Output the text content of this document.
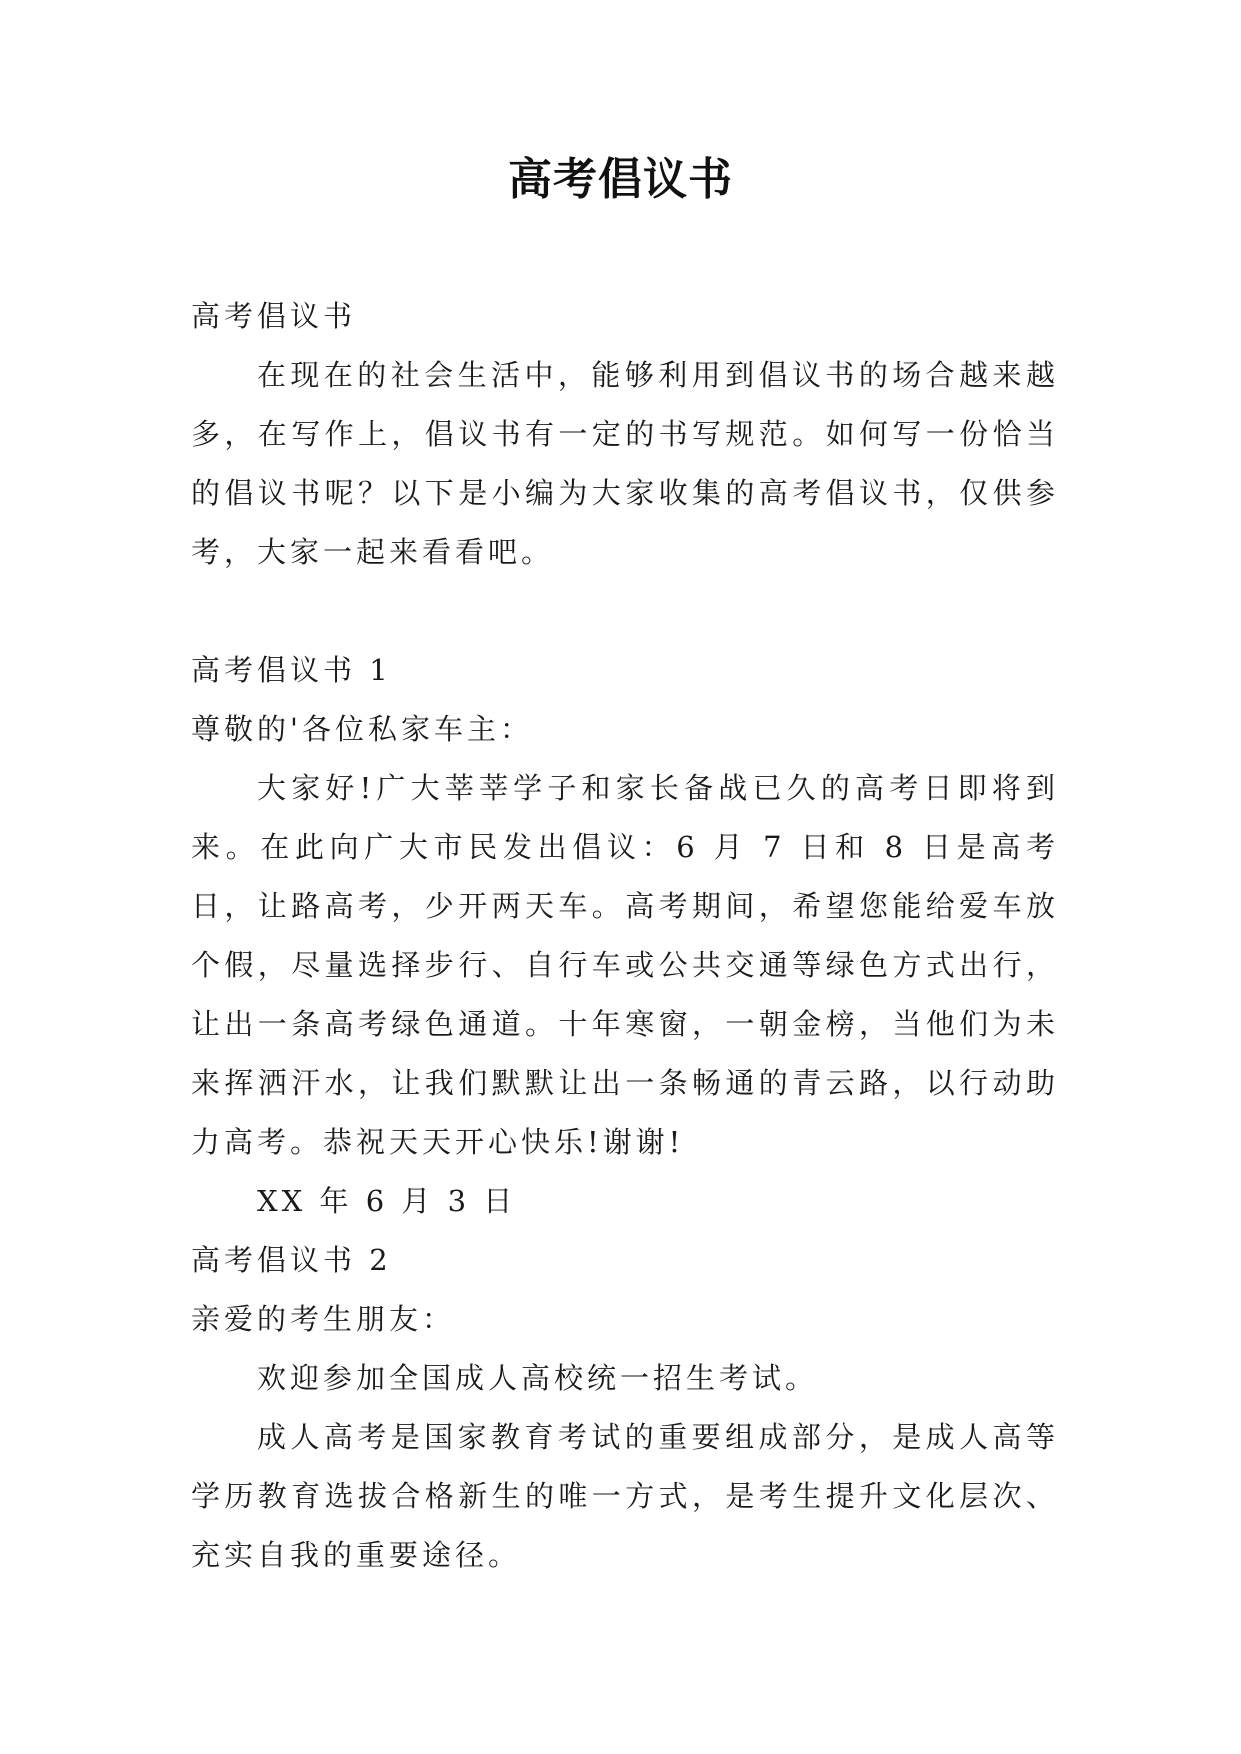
高考倡议书

高考倡议书

在现在的社会生活中，能够利用到倡议书的场合越来越多，在写作上，倡议书有一定的书写规范。如何写一份恰当的倡议书呢？以下是小编为大家收集的高考倡议书，仅供参考，大家一起来看看吧。

高考倡议书 1

尊敬的'各位私家车主：

大家好!广大莘莘学子和家长备战已久的高考日即将到来。在此向广大市民发出倡议：6 月 7 日和 8 日是高考日，让路高考，少开两天车。高考期间，希望您能给爱车放个假，尽量选择步行、自行车或公共交通等绿色方式出行，让出一条高考绿色通道。十年寒窗，一朝金榜，当他们为未来挥洒汗水，让我们默默让出一条畅通的青云路，以行动助力高考。恭祝天天开心快乐!谢谢!

XX 年 6 月 3 日

高考倡议书 2

亲爱的考生朋友：

欢迎参加全国成人高校统一招生考试。

成人高考是国家教育考试的重要组成部分，是成人高等学历教育选拔合格新生的唯一方式，是考生提升文化层次、充实自我的重要途径。
